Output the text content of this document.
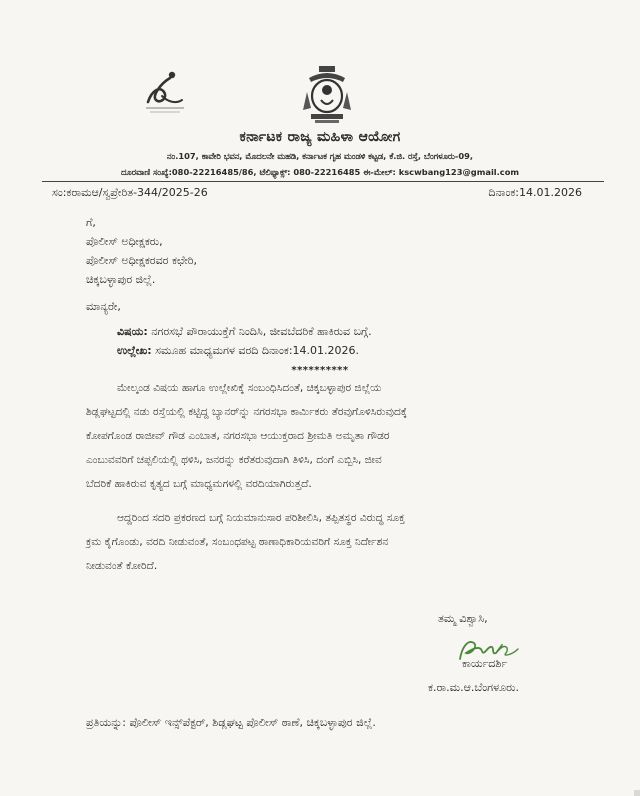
ಕರ್ನಾಟಕ ರಾಜ್ಯ ಮಹಿಳಾ ಆಯೋಗ
ನಂ.107, ಕಾವೇರಿ ಭವನ, ಮೊದಲನೇ ಮಹಡಿ, ಕರ್ನಾಟಕ ಗೃಹ ಮಂಡಳಿ ಕಟ್ಟಡ, ಕೆ.ಜಿ. ರಸ್ತೆ, ಬೆಂಗಳೂರು-09,
ದೂರವಾಣಿ ಸಂಖ್ಯೆ:080-22216485/86, ಟೆಲಿಫ್ಯಾಕ್ಸ್: 080-22216485 ಈ-ಮೇಲ್: kscwbang123@gmail.com
ಸಂ:ಕರಾಮಆ/ಸ್ವಪ್ರೇರಿತ-344/2025-26	ದಿನಾಂಕ:14.01.2026
ಗೆ,
ಪೊಲೀಸ್ ಅಧೀಕ್ಷಕರು,
ಪೊಲೀಸ್ ಅಧೀಕ್ಷಕರವರ ಕಛೇರಿ,
ಚಿಕ್ಕಬಳ್ಳಾಪುರ ಜಿಲ್ಲೆ.
ಮಾನ್ಯರೇ,
ವಿಷಯ: ನಗರಸಭೆ ಪೌರಾಯುಕ್ತೆಗೆ ನಿಂದಿಸಿ, ಜೀವಬೆದರಿಕೆ ಹಾಕಿರುವ ಬಗ್ಗೆ.
ಉಲ್ಲೇಖ: ಸಮೂಹ ಮಾಧ್ಯಮಗಳ ವರದಿ ದಿನಾಂಕ:14.01.2026.
**********
ಮೇಲ್ಕಂಡ ವಿಷಯ ಹಾಗೂ ಉಲ್ಲೇಖಿಕ್ಕೆ ಸಂಬಂಧಿಸಿದಂತೆ, ಚಿಕ್ಕಬಳ್ಳಾಪುರ ಜಿಲ್ಲೆಯ
ಶಿಡ್ಲಘಟ್ಟದಲ್ಲಿ ನಡು ರಸ್ತೆಯಲ್ಲಿ ಕಟ್ಟಿದ್ದ ಬ್ಯಾನರ್‌ನ್ನು ನಗರಸಭಾ ಕಾರ್ಮಿಕರು ತೆರವುಗೊಳಿಸಿರುವುದಕ್ಕೆ
ಕೋಪಗೊಂಡ ರಾಜೀವ್ ಗೌಡ ಎಂಬಾತ, ನಗರಸಭಾ ಆಯುಕ್ತರಾದ ಶ್ರೀಮತಿ ಅಮೃತಾ ಗೌಡರ
ಎಂಬುವವರಿಗೆ ಚಪ್ಪಲಿಯಲ್ಲಿ ಥಳಿಸಿ, ಜನರನ್ನು ಕರೆತರುವುದಾಗಿ ತಿಳಿಸಿ, ದಂಗೆ ಎಬ್ಬಿಸಿ, ಜೀವ
ಬೆದರಿಕೆ ಹಾಕಿರುವ ಕೃತ್ಯದ ಬಗ್ಗೆ ಮಾಧ್ಯಮಗಳಲ್ಲಿ ವರದಿಯಾಗಿರುತ್ತದೆ.
ಆದ್ದರಿಂದ ಸದರಿ ಪ್ರಕರಣದ ಬಗ್ಗೆ ನಿಯಮಾನುಸಾರ ಪರಿಶೀಲಿಸಿ, ತಪ್ಪಿತಸ್ಥರ ವಿರುದ್ಧ ಸೂಕ್ತ
ಕ್ರಮ ಕೈಗೊಂಡು, ವರದಿ ನೀಡುವಂತೆ, ಸಂಬಂಧಪಟ್ಟ ಠಾಣಾಧಿಕಾರಿಯವರಿಗೆ ಸೂಕ್ತ ನಿರ್ದೇಶನ
ನೀಡುವಂತೆ ಕೋರಿದೆ.
ತಮ್ಮ ವಿಶ್ವಾಸಿ,
ಕಾರ್ಯದರ್ಶಿ
ಕ.ರಾ.ಮ.ಆ.ಬೆಂಗಳೂರು.
ಪ್ರತಿಯನ್ನು: ಪೊಲೀಸ್ ಇನ್ಸ್‌ಪೆಕ್ಟರ್, ಶಿಡ್ಲಘಟ್ಟ ಪೊಲೀಸ್ ಠಾಣೆ, ಚಿಕ್ಕಬಳ್ಳಾಪುರ ಜಿಲ್ಲೆ.
